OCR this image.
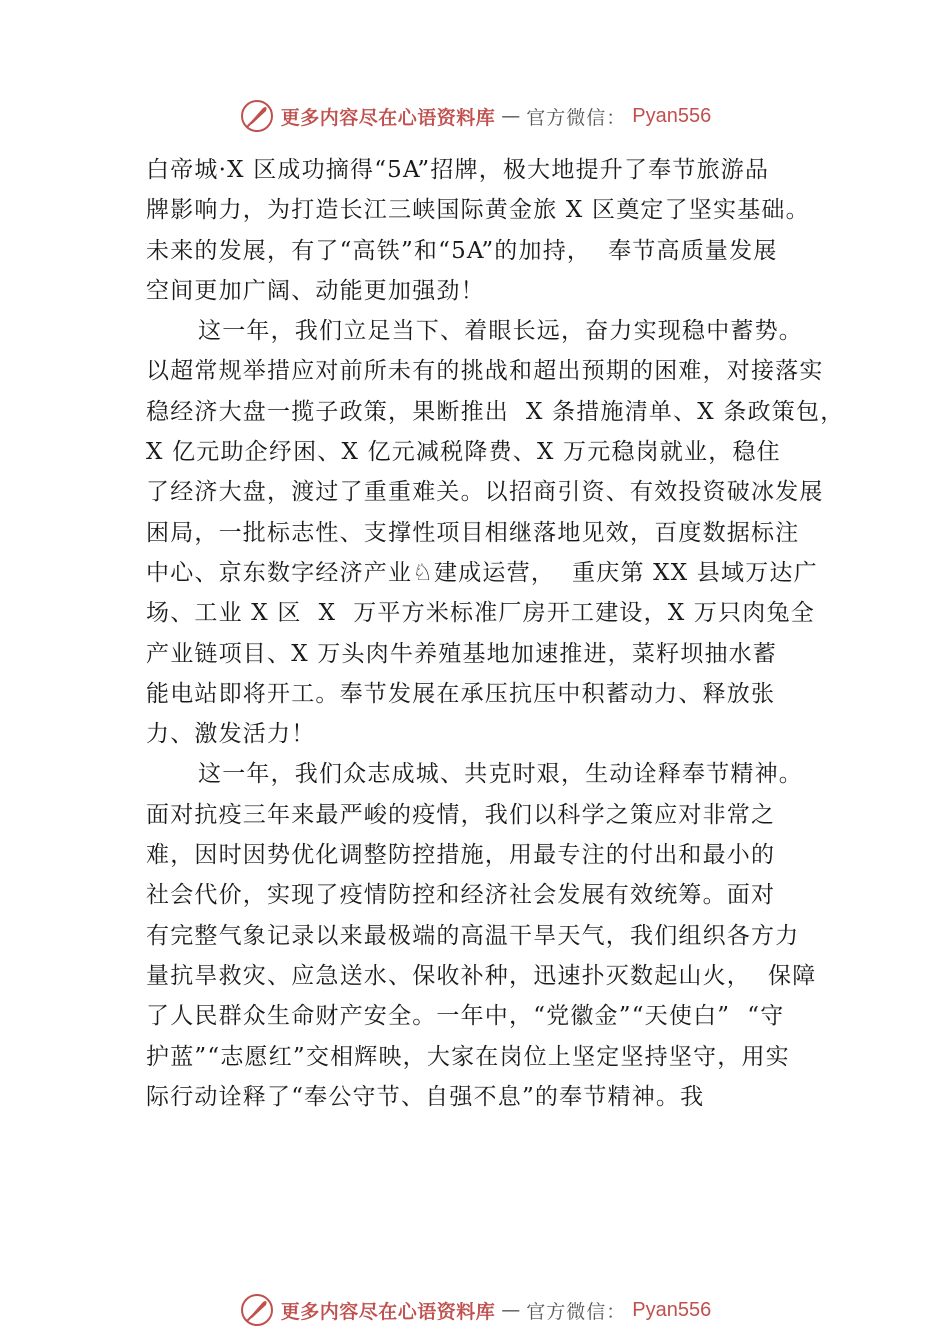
更多内容尽在心语资料库 — 官方微信： Pyan556

白帝城·X 区成功摘得“5A”招牌，极大地提升了奉节旅游品

牌影响力，为打造长江三峡国际黄金旅 X 区奠定了坚实基础。

未来的发展，有了“高铁”和“5A”的加持，  奉节高质量发展

空间更加广阔、动能更加强劲！

这一年，我们立足当下、着眼长远，奋力实现稳中蓄势。

以超常规举措应对前所未有的挑战和超出预期的困难，对接落实

稳经济大盘一揽子政策，果断推出  X 条措施清单、X 条政策包，

X 亿元助企纾困、X 亿元减税降费、X 万元稳岗就业，稳住

了经济大盘，渡过了重重难关。以招商引资、有效投资破冰发展

困局，一批标志性、支撑性项目相继落地见效，百度数据标注

中心、京东数字经济产业♘建成运营，  重庆第 XX 县域万达广

场、工业 X 区  X  万平方米标准厂房开工建设，X 万只肉兔全

产业链项目、X 万头肉牛养殖基地加速推进，菜籽坝抽水蓄

能电站即将开工。奉节发展在承压抗压中积蓄动力、释放张

力、激发活力！

这一年，我们众志成城、共克时艰，生动诠释奉节精神。

面对抗疫三年来最严峻的疫情，我们以科学之策应对非常之

难，因时因势优化调整防控措施，用最专注的付出和最小的

社会代价，实现了疫情防控和经济社会发展有效统筹。面对

有完整气象记录以来最极端的高温干旱天气，我们组织各方力

量抗旱救灾、应急送水、保收补种，迅速扑灭数起山火，  保障

了人民群众生命财产安全。一年中，“党徽金”“天使白”  “守

护蓝”“志愿红”交相辉映，大家在岗位上坚定坚持坚守，用实

际行动诠释了“奉公守节、自强不息”的奉节精神。我

更多内容尽在心语资料库 — 官方微信： Pyan556
